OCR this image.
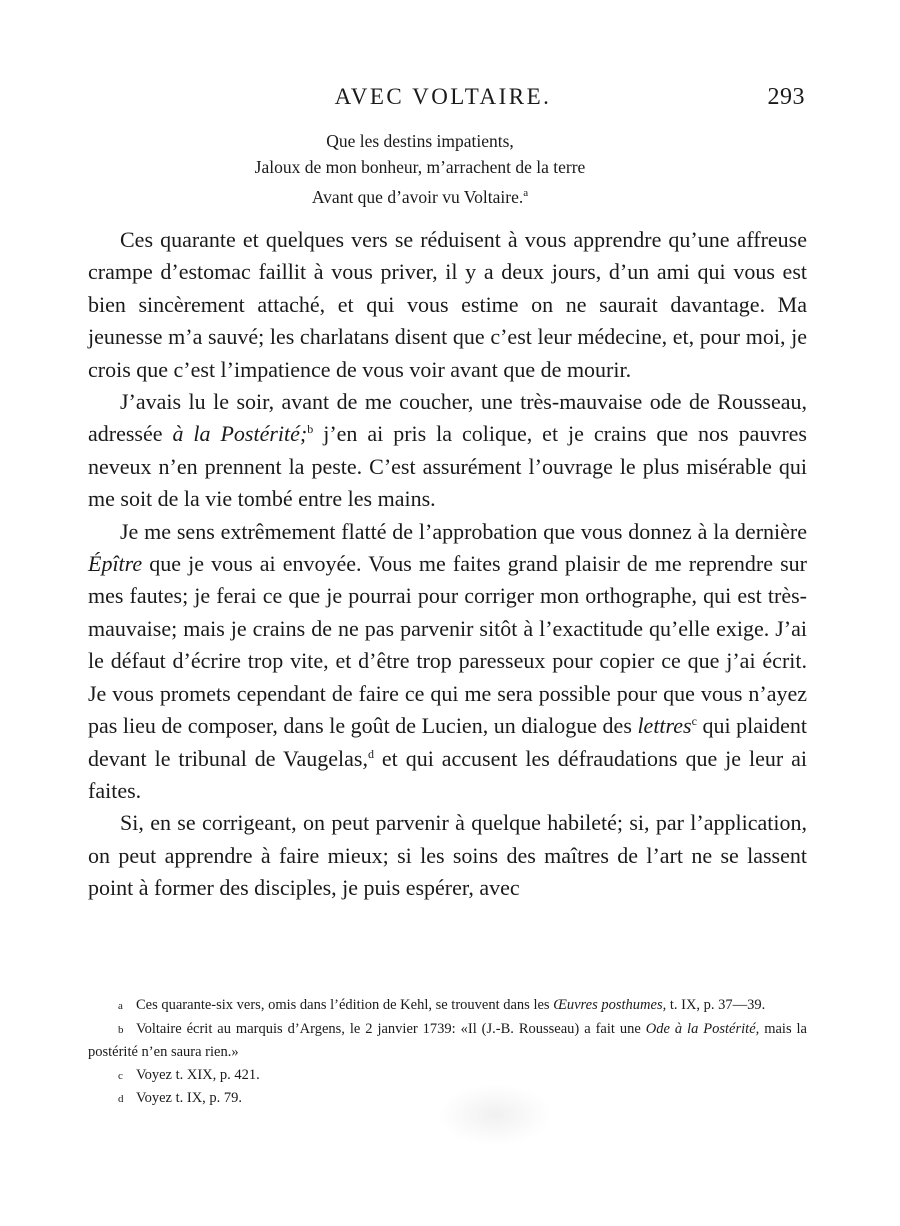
AVEC VOLTAIRE.	293
Que les destins impatients,
Jaloux de mon bonheur, m’arrachent de la terre
Avant que d’avoir vu Voltaire.$^a$

Ces quarante et quelques vers se réduisent à vous apprendre qu’une affreuse crampe d’estomac faillit à vous priver, il y a deux jours, d’un ami qui vous est bien sincèrement attaché, et qui vous estime on ne saurait davantage. Ma jeunesse m’a sauvé; les charlatans disent que c’est leur médecine, et, pour moi, je crois que c’est l’impatience de vous voir avant que de mourir.

J’avais lu le soir, avant de me coucher, une très-mauvaise ode de Rousseau, adressée à la Postérité;$^b$ j’en ai pris la colique, et je crains que nos pauvres neveux n’en prennent la peste. C’est assurément l’ouvrage le plus misérable qui me soit de la vie tombé entre les mains.

Je me sens extrêmement flatté de l’approbation que vous donnez à la dernière Épître que je vous ai envoyée. Vous me faites grand plaisir de me reprendre sur mes fautes; je ferai ce que je pourrai pour corriger mon orthographe, qui est très-mauvaise; mais je crains de ne pas parvenir sitôt à l’exactitude qu’elle exige. J’ai le défaut d’écrire trop vite, et d’être trop paresseux pour copier ce que j’ai écrit. Je vous promets cependant de faire ce qui me sera possible pour que vous n’ayez pas lieu de composer, dans le goût de Lucien, un dialogue des lettres$^c$ qui plaident devant le tribunal de Vaugelas,$^d$ et qui accusent les défraudations que je leur ai faites.

Si, en se corrigeant, on peut parvenir à quelque habileté; si, par l’application, on peut apprendre à faire mieux; si les soins des maîtres de l’art ne se lassent point à former des disciples, je puis espérer, avec

a Ces quarante-six vers, omis dans l’édition de Kehl, se trouvent dans les Œuvres posthumes, t. IX, p. 37—39.

b Voltaire écrit au marquis d’Argens, le 2 janvier 1739: «Il (J.-B. Rousseau) a fait une Ode à la Postérité, mais la postérité n’en saura rien.»

c Voyez t. XIX, p. 421.

d Voyez t. IX, p. 79.
